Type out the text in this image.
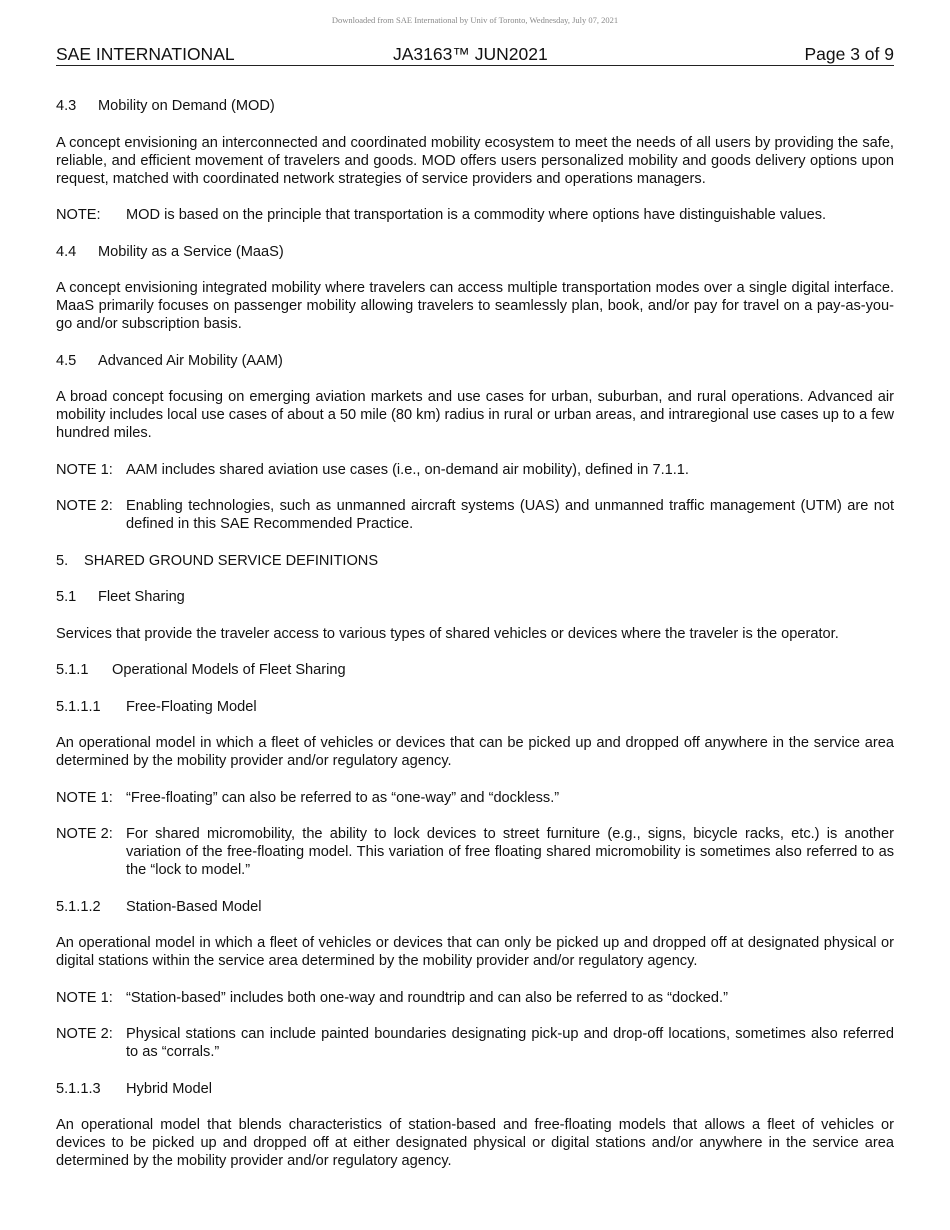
Downloaded from SAE International by Univ of Toronto, Wednesday, July 07, 2021
SAE INTERNATIONAL	JA3163™ JUN2021	Page 3 of 9

4.3 Mobility on Demand (MOD)

A concept envisioning an interconnected and coordinated mobility ecosystem to meet the needs of all users by providing the safe, reliable, and efficient movement of travelers and goods. MOD offers users personalized mobility and goods delivery options upon request, matched with coordinated network strategies of service providers and operations managers.

NOTE: MOD is based on the principle that transportation is a commodity where options have distinguishable values.

4.4 Mobility as a Service (MaaS)

A concept envisioning integrated mobility where travelers can access multiple transportation modes over a single digital interface. MaaS primarily focuses on passenger mobility allowing travelers to seamlessly plan, book, and/or pay for travel on a pay-as-you-go and/or subscription basis.

4.5 Advanced Air Mobility (AAM)

A broad concept focusing on emerging aviation markets and use cases for urban, suburban, and rural operations. Advanced air mobility includes local use cases of about a 50 mile (80 km) radius in rural or urban areas, and intraregional use cases up to a few hundred miles.

NOTE 1: AAM includes shared aviation use cases (i.e., on-demand air mobility), defined in 7.1.1.

NOTE 2: Enabling technologies, such as unmanned aircraft systems (UAS) and unmanned traffic management (UTM) are not defined in this SAE Recommended Practice.

5. SHARED GROUND SERVICE DEFINITIONS

5.1 Fleet Sharing

Services that provide the traveler access to various types of shared vehicles or devices where the traveler is the operator.

5.1.1 Operational Models of Fleet Sharing

5.1.1.1 Free-Floating Model

An operational model in which a fleet of vehicles or devices that can be picked up and dropped off anywhere in the service area determined by the mobility provider and/or regulatory agency.

NOTE 1: “Free-floating” can also be referred to as “one-way” and “dockless.”

NOTE 2: For shared micromobility, the ability to lock devices to street furniture (e.g., signs, bicycle racks, etc.) is another variation of the free-floating model. This variation of free floating shared micromobility is sometimes also referred to as the “lock to model.”

5.1.1.2 Station-Based Model

An operational model in which a fleet of vehicles or devices that can only be picked up and dropped off at designated physical or digital stations within the service area determined by the mobility provider and/or regulatory agency.

NOTE 1: “Station-based” includes both one-way and roundtrip and can also be referred to as “docked.”

NOTE 2: Physical stations can include painted boundaries designating pick-up and drop-off locations, sometimes also referred to as “corrals.”

5.1.1.3 Hybrid Model

An operational model that blends characteristics of station-based and free-floating models that allows a fleet of vehicles or devices to be picked up and dropped off at either designated physical or digital stations and/or anywhere in the service area determined by the mobility provider and/or regulatory agency.
